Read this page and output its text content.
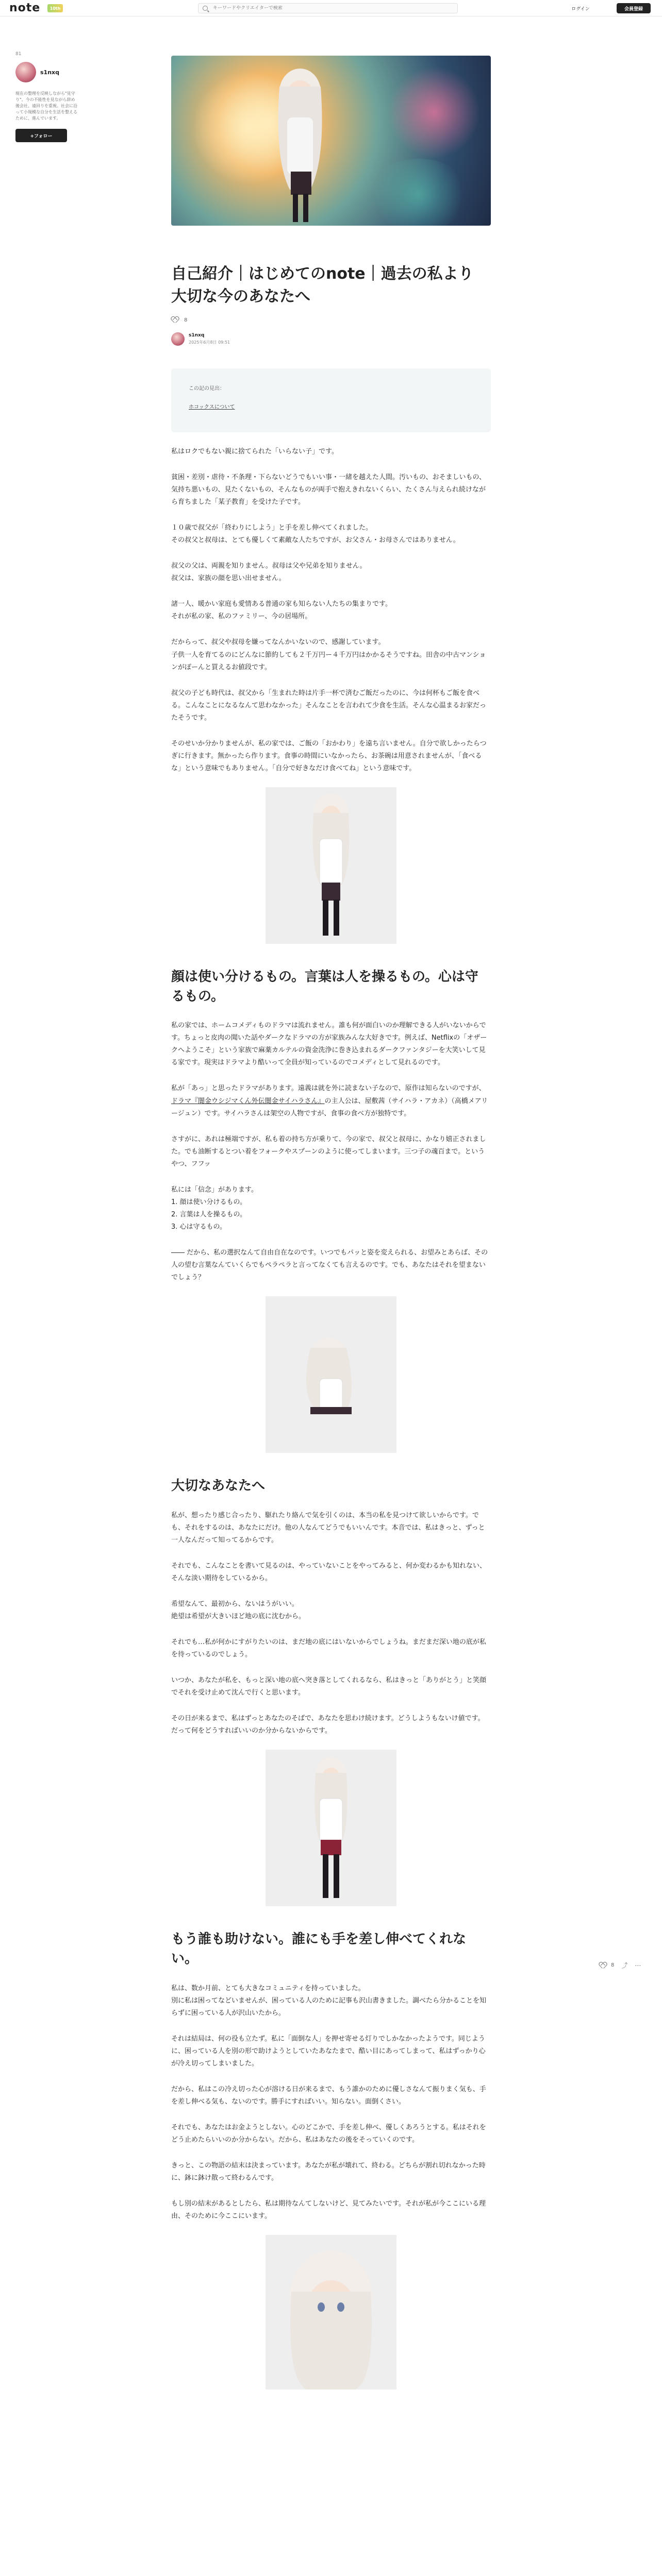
note	10th
キーワードやクリエイターで検索	ログイン	会員登録
81
s1nxq
現在の整理を反映しながら"見守り"。今の不能性を見ながら辞め後会社、遠回りを重視。社会に沿って小規模な自分を生活を整えるために、進んでいます。
+フォロー
自己紹介｜はじめてのnote｜過去の私より大切な今のあなたへ
8
s1nxq
2025年6月8日 09:51
この記の見出：
ホコックスについて

私はロクでもない親に捨てられた「いらない子」です。

貧困・差別・虐待・不条理・下らないどうでもいい事・一緒を越えた人間。汚いもの、おそましいもの、気持ち悪いもの、見たくないもの、そんなものが両手で抱えきれないくらい、たくさん与えられ続けながら育ちました「某子教育」を受けた子です。

１０歳で叔父が「終わりにしよう」と手を差し伸べてくれました。
その叔父と叔母は、とても優しくて素敵な人たちですが、お父さん・お母さんではありません。

叔父の父は、両親を知りません。叔母は父や兄弟を知りません。
叔父は、家族の顔を思い出せません。

諸一人、暖かい家庭も愛情ある普通の家も知らない人たちの集まりです。
それが私の家、私のファミリー、今の居場所。

だからって、叔父や叔母を嫌ってなんかいないので、感謝しています。
子供一人を育てるのにどんなに節約しても２千万円ー４千万円はかかるそうですね。田舎の中古マンションがぽーんと買えるお値段です。

叔父の子ども時代は、叔父から「生まれた時は片手一杯で済むご飯だったのに、今は何杯もご飯を食べる。こんなことになるなんて思わなかった」そんなことを言われて少食を生活。そんな心温まるお家だったそうです。

そのせいか分かりませんが、私の家では、ご飯の「おかわり」を遠ち言いません。自分で欲しかったらつぎに行きます。無かったら作ります。食事の時間にいなかったら、お茶碗は用意されませんが、「食べるな」という意味でもありません。「自分で好きなだけ食べてね」という意味です。

顔は使い分けるもの。言葉は人を操るもの。心は守るもの。

私の家では、ホームコメディものドラマは流れません。誰も何が面白いのか理解できる人がいないからです。ちょっと皮肉の聞いた話やダークなドラマの方が家族みんな大好きです。例えば、Netflixの「オザークへようこそ」という家族で麻薬カルテルの資金洗浄に巻き込まれるダークファンタジーを大笑いして見る家です。現実はドラマより酷いって全員が知っているのでコメディとして見れるのです。

私が「あっ」と思ったドラマがあります。遠義は就を外に読まない子なので、原作は知らないのですが、ドラマ『闇金ウシジマくん外伝闇金サイハラさん』の主人公は、屋敷茜（サイハラ・アカネ）（高橋メアリージュン）です。サイハラさんは架空の人物ですが、食事の食べ方が独特です。

さすがに、あれは極端ですが、私も着の持ち方が乗りて、今の家で、叔父と叔母に、かなり嬉正されました。でも油断するとつい着をフォークやスプーンのように使ってしまいます。三つ子の魂百まで。というやつ、フフッ

私には「信念」があります。
1. 顔は使い分けるもの。
2. 言葉は人を操るもの。
3. 心は守るもの。

―― だから、私の選択なんて自由自在なのです。いつでもパッと姿を変えられる、お望みとあらば、その人の望む言葉なんていくらでもペラペラと言ってなくても言えるのです。でも、あなたはそれを望まないでしょう？

大切なあなたへ

私が、想ったり感じ合ったり、駆れたり絡んで気を引くのは、本当の私を見つけて欲しいからです。でも、それをするのは、あなたにだけ。他の人なんてどうでもいいんです。本音では、私はきっと、ずっと一人なんだって知ってるからです。

それでも、こんなことを書いて見るのは、やっていないことをやってみると、何か変わるかも知れない、そんな淡い期待をしているから。

希望なんて、最初から、ないはうがいい。
絶望は希望が大きいほど地の底に沈むから。

それでも…私が何かにすがりたいのは、まだ地の底にはいないからでしょうね。まだまだ深い地の底が私を待っているのでしょう。

いつか、あなたが私を、もっと深い地の底へ突き落としてくれるなら、私はきっと「ありがとう」と笑顔でそれを受け止めて沈んで行くと思います。

その日が来るまで、私はずっとあなたのそばで、あなたを思わけ続けます。どうしようもないけ値です。だって何をどうすればいいのか分からないからです。

もう誰も助けない。誰にも手を差し伸べてくれない。

私は、数か月前、とても大きなコミュニティを持っていました。
別に私は困ってなどいませんが、困っている人のために記事も沢山書きました。調べたら分かることを知らずに困っている人が沢山いたから。

それは結局は、何の役も立たず。私に「面倒な人」を押せ寄せる灯りでしかなかったようです。同じように、困っている人を別の形で助けようとしていたあなたまで、酷い目にあってしまって、私はずっかり心が冷え切ってしまいました。

だから、私はこの冷え切った心が溶ける日が来るまで、もう誰かのために優しさなんて振りまく気も、手を差し伸べる気も、ないのです。勝手にすればいい。知らない。面倒くさい。

それでも、あなたはお金ようとしない。心のどこかで、手を差し伸べ、優しくあろうとする。私はそれをどう止めたらいいのか分からない。だから、私はあなたの後をそっていくのです。

きっと、この物語の結末は決まっています。あなたが私が壊れて、終わる。どちらが割れ切れなかった時に、鉢に鉢け散って終わるんです。

もし別の結末があるとしたら、私は期待なんてしないけど、見てみたいです。それが私が今ここにいる理由、そのために今ここにいます。

8 ⤴ ⋯
